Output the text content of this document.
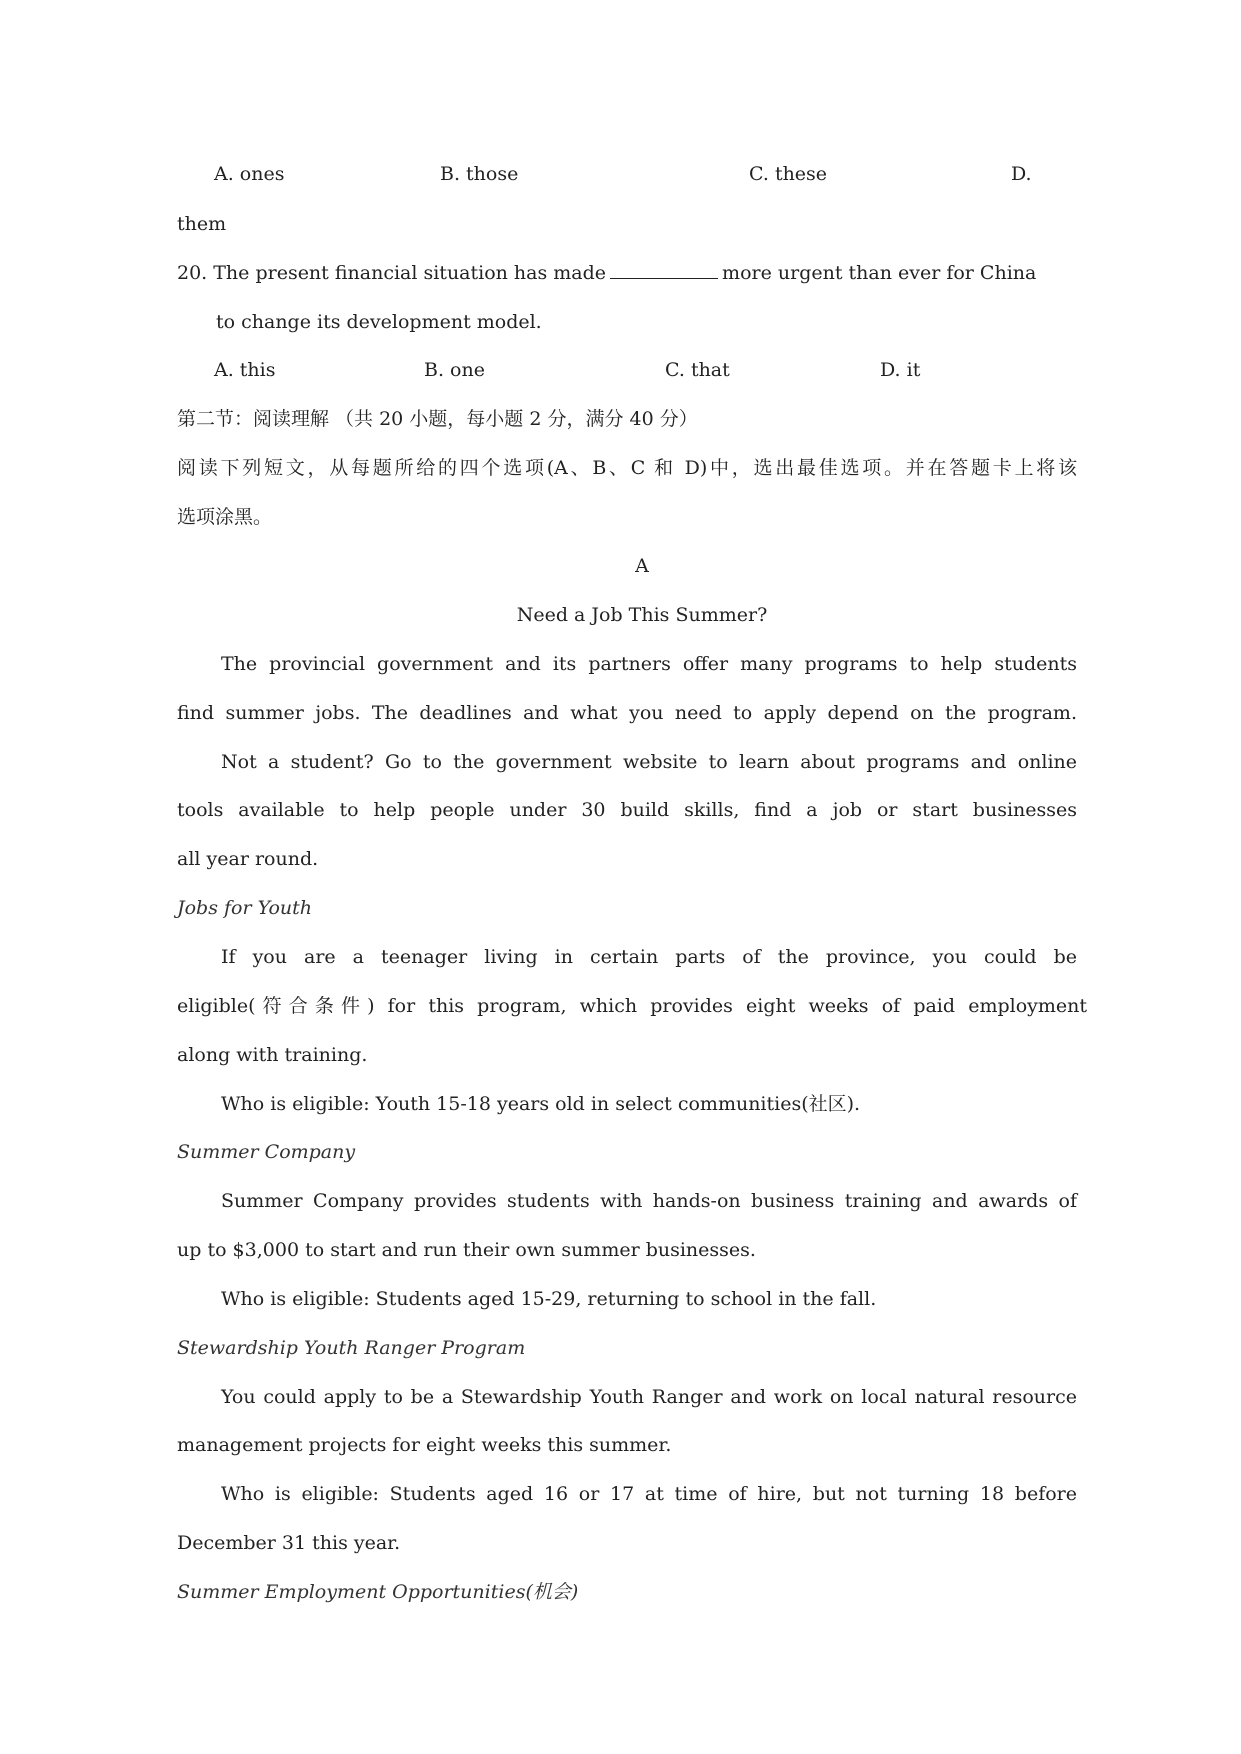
A. ones	B. those	C. these	D.
them
20. The present financial situation has made	more urgent than ever for China
to change its development model.
A. this	B. one	C. that	D. it
第二节：阅读理解 （共 20 小题，每小题 2 分，满分 40 分）
阅读下列短文，从每题所给的四个选项(A、B、C 和 D)中，选出最佳选项。并在答题卡上将该
选项涂黑。
A
Need a Job This Summer?
The provincial government and its partners offer many programs to help students
find summer jobs. The deadlines and what you need to apply depend on the program.
Not a student? Go to the government website to learn about programs and online
tools available to help people under 30 build skills, find a job or start businesses
all year round.
Jobs for Youth
If you are a teenager living in certain parts of the province, you could be
eligible(符合条件) for this program, which provides eight weeks of paid employment
along with training.
Who is eligible: Youth 15-18 years old in select communities(社区).
Summer Company
Summer Company provides students with hands-on business training and awards of
up to $3,000 to start and run their own summer businesses.
Who is eligible: Students aged 15-29, returning to school in the fall.
Stewardship Youth Ranger Program
You could apply to be a Stewardship Youth Ranger and work on local natural resource
management projects for eight weeks this summer.
Who is eligible: Students aged 16 or 17 at time of hire, but not turning 18 before
December 31 this year.
Summer Employment Opportunities(机会)
